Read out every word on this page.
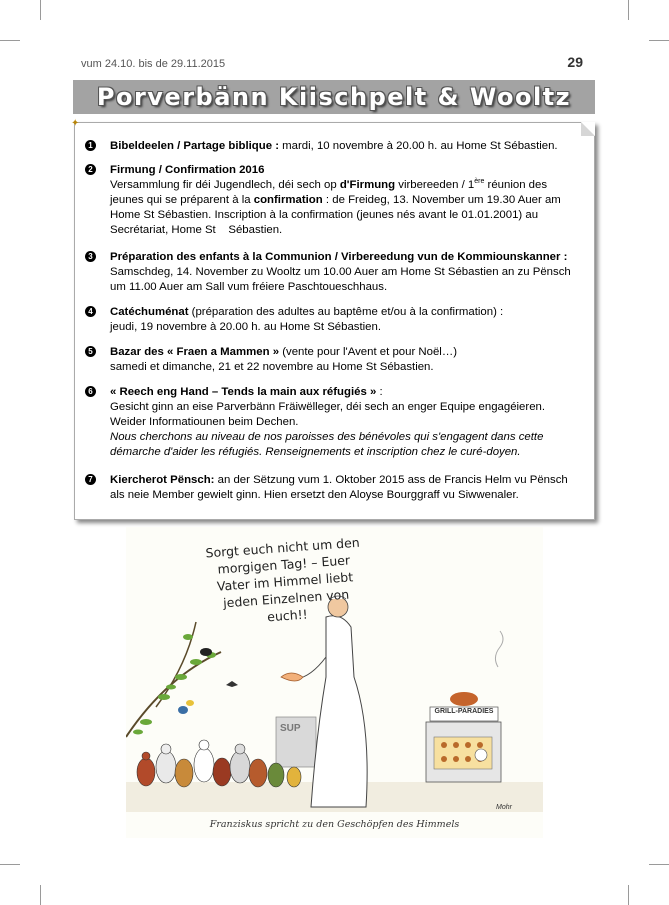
vum 24.10. bis de 29.11.2015	29
Porverbänn Kiischpelt & Wooltz
✦
1 Bibeldeelen / Partage biblique : mardi, 10 novembre à 20.00 h. au Home St Sébastien.
2 Firmung / Confirmation 2016
Versammlung fir déi Jugendlech, déi sech op d'Firmung virbereeden / 1ère réunion des
jeunes qui se préparent à la confirmation : de Freideg, 13. November um 19.30 Auer am
Home St Sébastien. Inscription à la confirmation (jeunes nés avant le 01.01.2001) au
Secrétariat, Home St    Sébastien.
3 Préparation des enfants à la Communion / Virbereedung vun de Kommiounskanner :
Samschdeg, 14. November zu Wooltz um 10.00 Auer am Home St Sébastien an zu Pënsch
um 11.00 Auer am Sall vum fréiere Paschtoueschhaus.
4 Catéchuménat (préparation des adultes au baptême et/ou à la confirmation) :
jeudi, 19 novembre à 20.00 h. au Home St Sébastien.
5 Bazar des « Fraen a Mammen » (vente pour l'Avent et pour Noël…)
samedi et dimanche, 21 et 22 novembre au Home St Sébastien.
6 « Reech eng Hand – Tends la main aux réfugiés » :
Gesicht ginn an eise Parverbänn Fräiwëlleger, déi sech an enger Equipe engagéieren.
Weider Informatiounen beim Dechen.
Nous cherchons au niveau de nos paroisses des bénévoles qui s'engagent dans cette
démarche d'aider les réfugiés. Renseignements et inscription chez le curé-doyen.
7 Kiercherot Pënsch: an der Sëtzung vum 1. Oktober 2015 ass de Francis Helm vu Pënsch
als neie Member gewielt ginn. Hien ersetzt den Aloyse Bourggraff vu Siwwenaler.
Sorgt euch nicht um den morgigen Tag! – Euer Vater im Himmel liebt jeden Einzelnen von euch!!
GRILL-PARADIES
SUP
Mohr
Franziskus spricht zu den Geschöpfen des Himmels
